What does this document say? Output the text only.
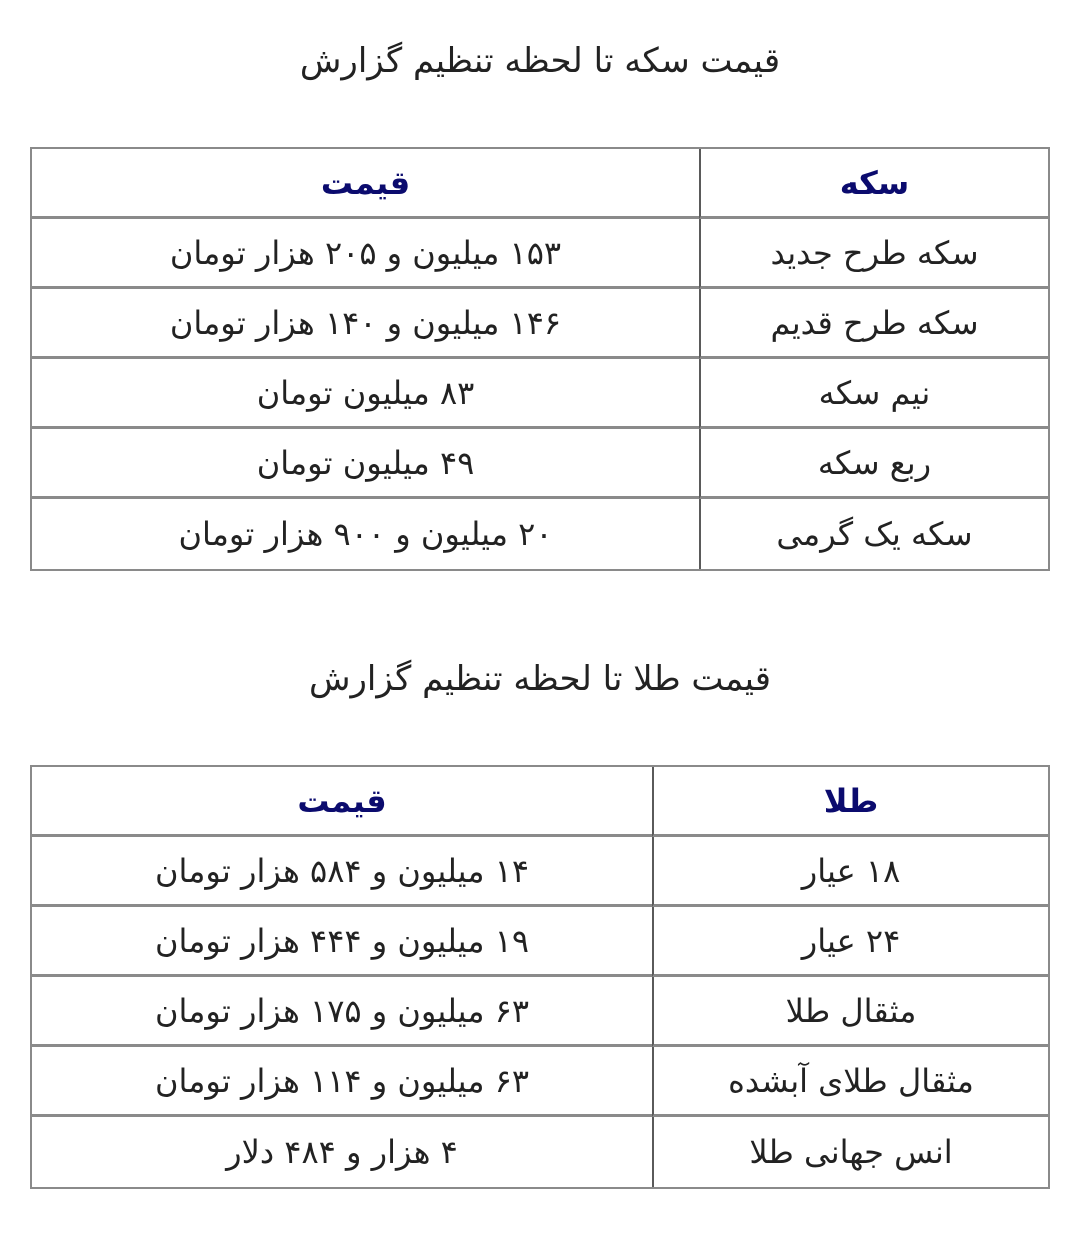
قیمت سکه تا لحظه تنظیم گزارش
سکه	قیمت
سکه طرح جدید	۱۵۳ میلیون و ۲۰۵ هزار تومان
سکه طرح قدیم	۱۴۶ میلیون و ۱۴۰ هزار تومان
نیم سکه	۸۳ میلیون تومان
ربع سکه	۴۹ میلیون تومان
سکه یک گرمی	۲۰ میلیون و ۹۰۰ هزار تومان
قیمت طلا تا لحظه تنظیم گزارش
طلا	قیمت
۱۸ عیار	۱۴ میلیون و ۵۸۴ هزار تومان
۲۴ عیار	۱۹ میلیون و ۴۴۴ هزار تومان
مثقال طلا	۶۳ میلیون و ۱۷۵ هزار تومان
مثقال طلای آبشده	۶۳ میلیون و ۱۱۴ هزار تومان
انس جهانی طلا	۴ هزار و ۴۸۴ دلار
